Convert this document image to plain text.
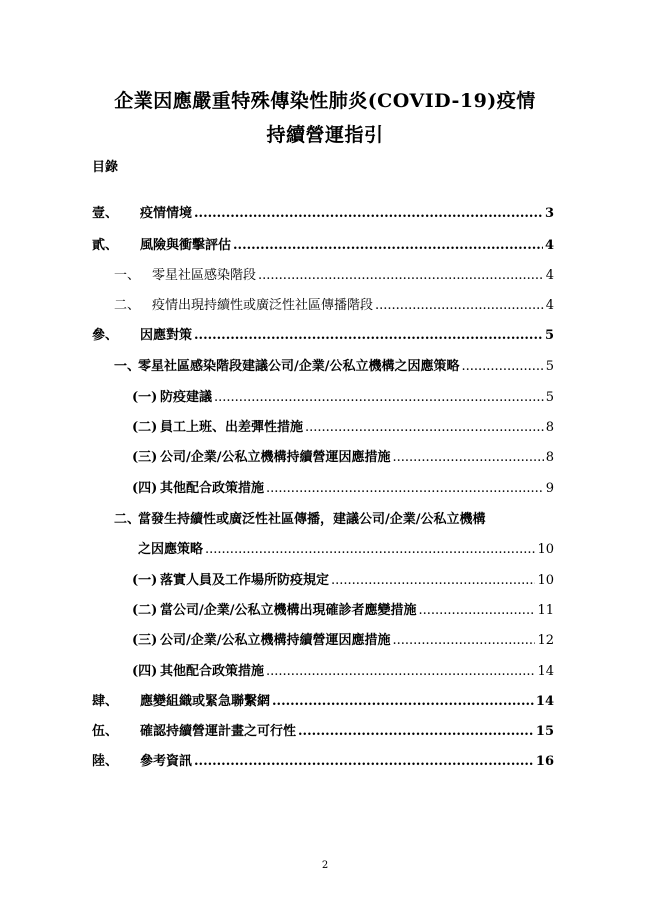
企業因應嚴重特殊傳染性肺炎(COVID-19)疫情
持續營運指引
目錄
壹、	疫情情境 .....	3
貳、	風險與衝擊評估 .....	4
一、 零星社區感染階段 .....	4
二、 疫情出現持續性或廣泛性社區傳播階段 .....	4
參、	因應對策 .....	5
一、
零星社區感染階段建議公司/企業/公私立機構之因應策略 .....	5
(一) 防疫建議 .....	5
(二) 員工上班、出差彈性措施 .....	8
(三) 公司/企業/公私立機構持續營運因應措施 .....	8
(四) 其他配合政策措施 .....	9
二、
當發生持續性或廣泛性社區傳播，建議公司/企業/公私立機構
之因應策略 .....	10
(一) 落實人員及工作場所防疫規定 .....	10
(二) 當公司/企業/公私立機構出現確診者應變措施 .....	11
(三) 公司/企業/公私立機構持續營運因應措施 .....	12
(四) 其他配合政策措施 .....	14
肆、	應變組織或緊急聯繫網 .....	14
伍、	確認持續營運計畫之可行性 .....	15
陸、	參考資訊 .....	16
2
